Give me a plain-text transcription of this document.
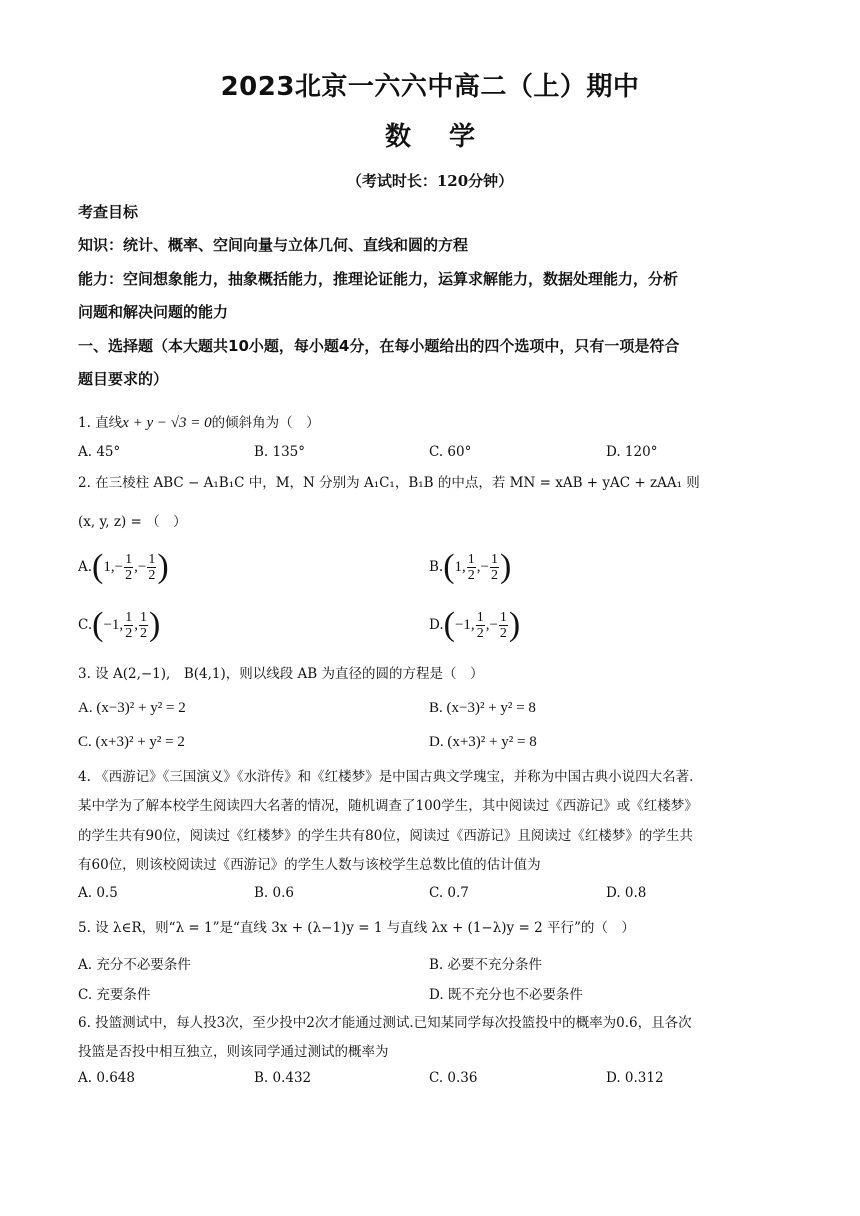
2023北京一六六中高二（上）期中
数学
（考试时长：120分钟）
考查目标
知识：统计、概率、空间向量与立体几何、直线和圆的方程
能力：空间想象能力，抽象概括能力，推理论证能力，运算求解能力，数据处理能力，分析
问题和解决问题的能力
一、选择题（本大题共10小题，每小题4分，在每小题给出的四个选项中，只有一项是符合
题目要求的）
1. 直线x + y − √3 = 0的倾斜角为（　）
A. 45°	B. 135°	C. 60°	D. 120°
2. 在三棱柱 ABC − A₁B₁C 中，M，N 分别为 A₁C₁，B₁B 的中点，若 MN = xAB + yAC + zAA₁ 则
(x, y, z) = （　）
A. ( $1,- \frac{1}{2}$ ,− $\frac{1}{2}$ )	B. ( 1, $\frac{1}{2}$ ,− $\frac{1}{2}$ )
C. ( −1, $\frac{1}{2}$ , $\frac{1}{2}$ )	D. ( −1, $\frac{1}{2}$ ,− $\frac{1}{2}$ )
3. 设 A(2,−1),　B(4,1)，则以线段 AB 为直径的圆的方程是（　）
A. (x−3)² + y² = 2	B. (x−3)² + y² = 8
C. (x+3)² + y² = 2	D. (x+3)² + y² = 8
4. 《西游记》《三国演义》《水浒传》和《红楼梦》是中国古典文学瑰宝，并称为中国古典小说四大名著.
某中学为了解本校学生阅读四大名著的情况，随机调查了100学生，其中阅读过《西游记》或《红楼梦》
的学生共有90位，阅读过《红楼梦》的学生共有80位，阅读过《西游记》且阅读过《红楼梦》的学生共
有60位，则该校阅读过《西游记》的学生人数与该校学生总数比值的估计值为
A. 0.5	B. 0.6	C. 0.7	D. 0.8
5. 设 λ∈R，则“λ = 1”是“直线 3x + (λ−1)y = 1 与直线 λx + (1−λ)y = 2 平行”的（　）
A. 充分不必要条件	B. 必要不充分条件
C. 充要条件	D. 既不充分也不必要条件
6. 投篮测试中，每人投3次，至少投中2次才能通过测试.已知某同学每次投篮投中的概率为0.6，且各次
投篮是否投中相互独立，则该同学通过测试的概率为
A. 0.648	B. 0.432	C. 0.36	D. 0.312
